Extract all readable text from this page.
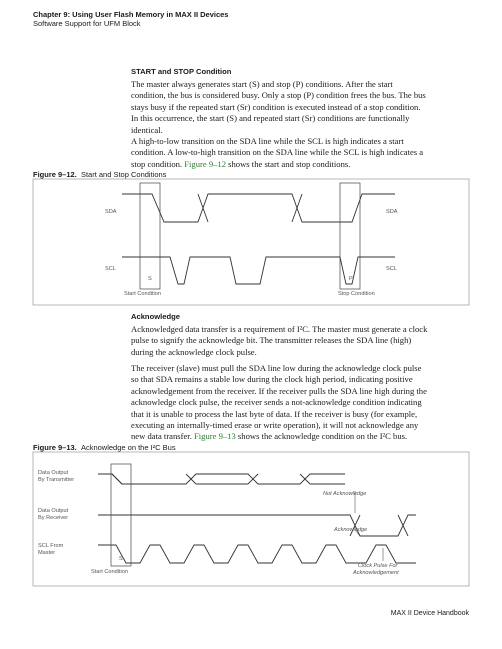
Chapter 9: Using User Flash Memory in MAX II Devices
Software Support for UFM Block
START and STOP Condition
The master always generates start (S) and stop (P) conditions. After the start
condition, the bus is considered busy. Only a stop (P) condition frees the bus. The bus
stays busy if the repeated start (Sr) condition is executed instead of a stop condition.
In this occurrence, the start (S) and repeated start (Sr) conditions are functionally
identical.
A high-to-low transition on the SDA line while the SCL is high indicates a start
condition. A low-to-high transition on the SDA line while the SCL is high indicates a
stop condition. Figure 9–12 shows the start and stop conditions.
Figure 9–12. Start and Stop Conditions
Acknowledge
Acknowledged data transfer is a requirement of I²C. The master must generate a clock
pulse to signify the acknowledge bit. The transmitter releases the SDA line (high)
during the acknowledge clock pulse.
The receiver (slave) must pull the SDA line low during the acknowledge clock pulse
so that SDA remains a stable low during the clock high period, indicating positive
acknowledgement from the receiver. If the receiver pulls the SDA line high during the
acknowledge clock pulse, the receiver sends a not-acknowledge condition indicating
that it is unable to process the last byte of data. If the receiver is busy (for example,
executing an internally-timed erase or write operation), it will not acknowledge any
new data transfer. Figure 9–13 shows the acknowledge condition on the I²C bus.
Figure 9–13. Acknowledge on the I²C Bus
MAX II Device Handbook
SDA	SDA
SCL	SCL
S	P
Start Condition	Stop Condition
Data Output
By Transmitter
Data Output
By Receiver
SCL From
Master
Not Acknowledge
Acknowledge
S
Start Condition
Clock Pulse For
Acknowledgement
